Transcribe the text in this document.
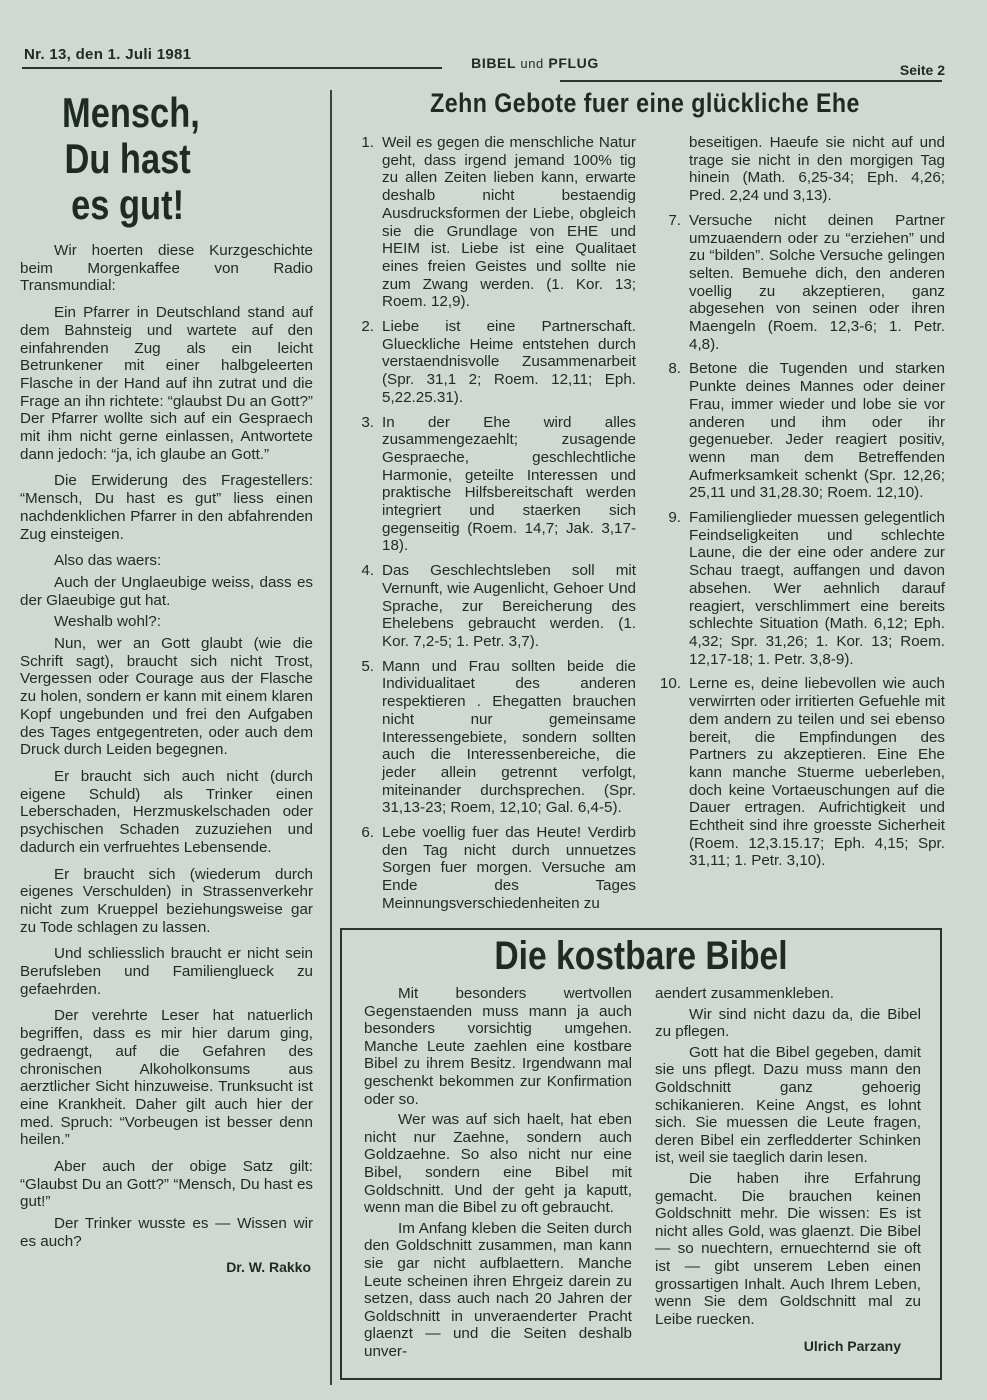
Nr. 13, den 1. Juli 1981	BIBEL und PFLUG	Seite 2
Mensch,
Du hast
es gut!

Wir hoerten diese Kurzgeschichte beim Morgenkaffee von Radio Transmundial:

Ein Pfarrer in Deutschland stand auf dem Bahnsteig und wartete auf den einfahrenden Zug als ein leicht Betrunkener mit einer halbgeleerten Flasche in der Hand auf ihn zutrat und die Frage an ihn richtete: “glaubst Du an Gott?” Der Pfarrer wollte sich auf ein Gespraech mit ihm nicht gerne einlassen, Antwortete dann jedoch: “ja, ich glaube an Gott.”

Die Erwiderung des Fragestellers: “Mensch, Du hast es gut” liess einen nachdenklichen Pfarrer in den abfahrenden Zug einsteigen.

Also das waers:

Auch der Unglaeubige weiss, dass es der Glaeubige gut hat.

Weshalb wohl?:

Nun, wer an Gott glaubt (wie die Schrift sagt), braucht sich nicht Trost, Vergessen oder Courage aus der Flasche zu holen, sondern er kann mit einem klaren Kopf ungebunden und frei den Aufgaben des Tages entgegentreten, oder auch dem Druck durch Leiden begegnen.

Er braucht sich auch nicht (durch eigene Schuld) als Trinker einen Leberschaden, Herzmuskelschaden oder psychischen Schaden zuzuziehen und dadurch ein verfruehtes Lebensende.

Er braucht sich (wiederum durch eigenes Verschulden) in Strassenverkehr nicht zum Krueppel beziehungsweise gar zu Tode schlagen zu lassen.

Und schliesslich braucht er nicht sein Berufsleben und Familienglueck zu gefaehrden.

Der verehrte Leser hat natuerlich begriffen, dass es mir hier darum ging, gedraengt, auf die Gefahren des chronischen Alkoholkonsums aus aerztlicher Sicht hinzuweise. Trunksucht ist eine Krankheit. Daher gilt auch hier der med. Spruch: “Vorbeugen ist besser denn heilen.”

Aber auch der obige Satz gilt: “Glaubst Du an Gott?” “Mensch, Du hast es gut!”

Der Trinker wusste es — Wissen wir es auch?

Dr. W. Rakko
Zehn Gebote fuer eine glückliche Ehe
1. Weil es gegen die menschliche Natur geht, dass irgend jemand 100% tig zu allen Zeiten lieben kann, erwarte deshalb nicht bestaendig Ausdrucksformen der Liebe, obgleich sie die Grundlage von EHE und HEIM ist. Liebe ist eine Qualitaet eines freien Geistes und sollte nie zum Zwang werden. (1. Kor. 13; Roem. 12,9).
2. Liebe ist eine Partnerschaft. Glueckliche Heime entstehen durch verstaendnisvolle Zusammenarbeit (Spr. 31,1 2; Roem. 12,11; Eph. 5,22.25.31).
3. In der Ehe wird alles zusammengezaehlt; zusagende Gespraeche, geschlechtliche Harmonie, geteilte Interessen und praktische Hilfsbereitschaft werden integriert und staerken sich gegenseitig (Roem. 14,7; Jak. 3,17-18).
4. Das Geschlechtsleben soll mit Vernunft, wie Augenlicht, Gehoer Und Sprache, zur Bereicherung des Ehelebens gebraucht werden. (1. Kor. 7,2-5; 1. Petr. 3,7).
5. Mann und Frau sollten beide die Individualitaet des anderen respektieren . Ehegatten brauchen nicht nur gemeinsame Interessengebiete, sondern sollten auch die Interessenbereiche, die jeder allein getrennt verfolgt, miteinander durchsprechen. (Spr. 31,13-23; Roem, 12,10; Gal. 6,4-5).
6. Lebe voellig fuer das Heute! Verdirb den Tag nicht durch unnuetzes Sorgen fuer morgen. Versuche am Ende des Tages Meinnungsverschiedenheiten zu
beseitigen. Haeufe sie nicht auf und trage sie nicht in den morgigen Tag hinein (Math. 6,25-34; Eph. 4,26; Pred. 2,24 und 3,13).
7. Versuche nicht deinen Partner umzuaendern oder zu “erziehen” und zu “bilden”. Solche Versuche gelingen selten. Bemuehe dich, den anderen voellig zu akzeptieren, ganz abgesehen von seinen oder ihren Maengeln (Roem. 12,3-6; 1. Petr. 4,8).
8. Betone die Tugenden und starken Punkte deines Mannes oder deiner Frau, immer wieder und lobe sie vor anderen und ihm oder ihr gegenueber. Jeder reagiert positiv, wenn man dem Betreffenden Aufmerksamkeit schenkt (Spr. 12,26; 25,11 und 31,28.30; Roem. 12,10).
9. Familienglieder muessen gelegentlich Feindseligkeiten und schlechte Laune, die der eine oder andere zur Schau traegt, auffangen und davon absehen. Wer aehnlich darauf reagiert, verschlimmert eine bereits schlechte Situation (Math. 6,12; Eph. 4,32; Spr. 31,26; 1. Kor. 13; Roem. 12,17-18; 1. Petr. 3,8-9).
10. Lerne es, deine liebevollen wie auch verwirrten oder irritierten Gefuehle mit dem andern zu teilen und sei ebenso bereit, die Empfindungen des Partners zu akzeptieren. Eine Ehe kann manche Stuerme ueberleben, doch keine Vortaeuschungen auf die Dauer ertragen. Aufrichtigkeit und Echtheit sind ihre groesste Sicherheit (Roem. 12,3.15.17; Eph. 4,15; Spr. 31,11; 1. Petr. 3,10).
Die kostbare Bibel

Mit besonders wertvollen Gegenstaenden muss mann ja auch besonders vorsichtig umgehen. Manche Leute zaehlen eine kostbare Bibel zu ihrem Besitz. Irgendwann mal geschenkt bekommen zur Konfirmation oder so.

Wer was auf sich haelt, hat eben nicht nur Zaehne, sondern auch Goldzaehne. So also nicht nur eine Bibel, sondern eine Bibel mit Goldschnitt. Und der geht ja kaputt, wenn man die Bibel zu oft gebraucht.

Im Anfang kleben die Seiten durch den Goldschnitt zusammen, man kann sie gar nicht aufblaettern. Manche Leute scheinen ihren Ehrgeiz darein zu setzen, dass auch nach 20 Jahren der Goldschnitt in unveraenderter Pracht glaenzt — und die Seiten deshalb unver-

aendert zusammenkleben.

Wir sind nicht dazu da, die Bibel zu pflegen.

Gott hat die Bibel gegeben, damit sie uns pflegt. Dazu muss mann den Goldschnitt ganz gehoerig schikanieren. Keine Angst, es lohnt sich. Sie muessen die Leute fragen, deren Bibel ein zerfledderter Schinken ist, weil sie taeglich darin lesen.

Die haben ihre Erfahrung gemacht. Die brauchen keinen Goldschnitt mehr. Die wissen: Es ist nicht alles Gold, was glaenzt. Die Bibel — so nuechtern, ernuechternd sie oft ist — gibt unserem Leben einen grossartigen Inhalt. Auch Ihrem Leben, wenn Sie dem Goldschnitt mal zu Leibe ruecken.

Ulrich Parzany
